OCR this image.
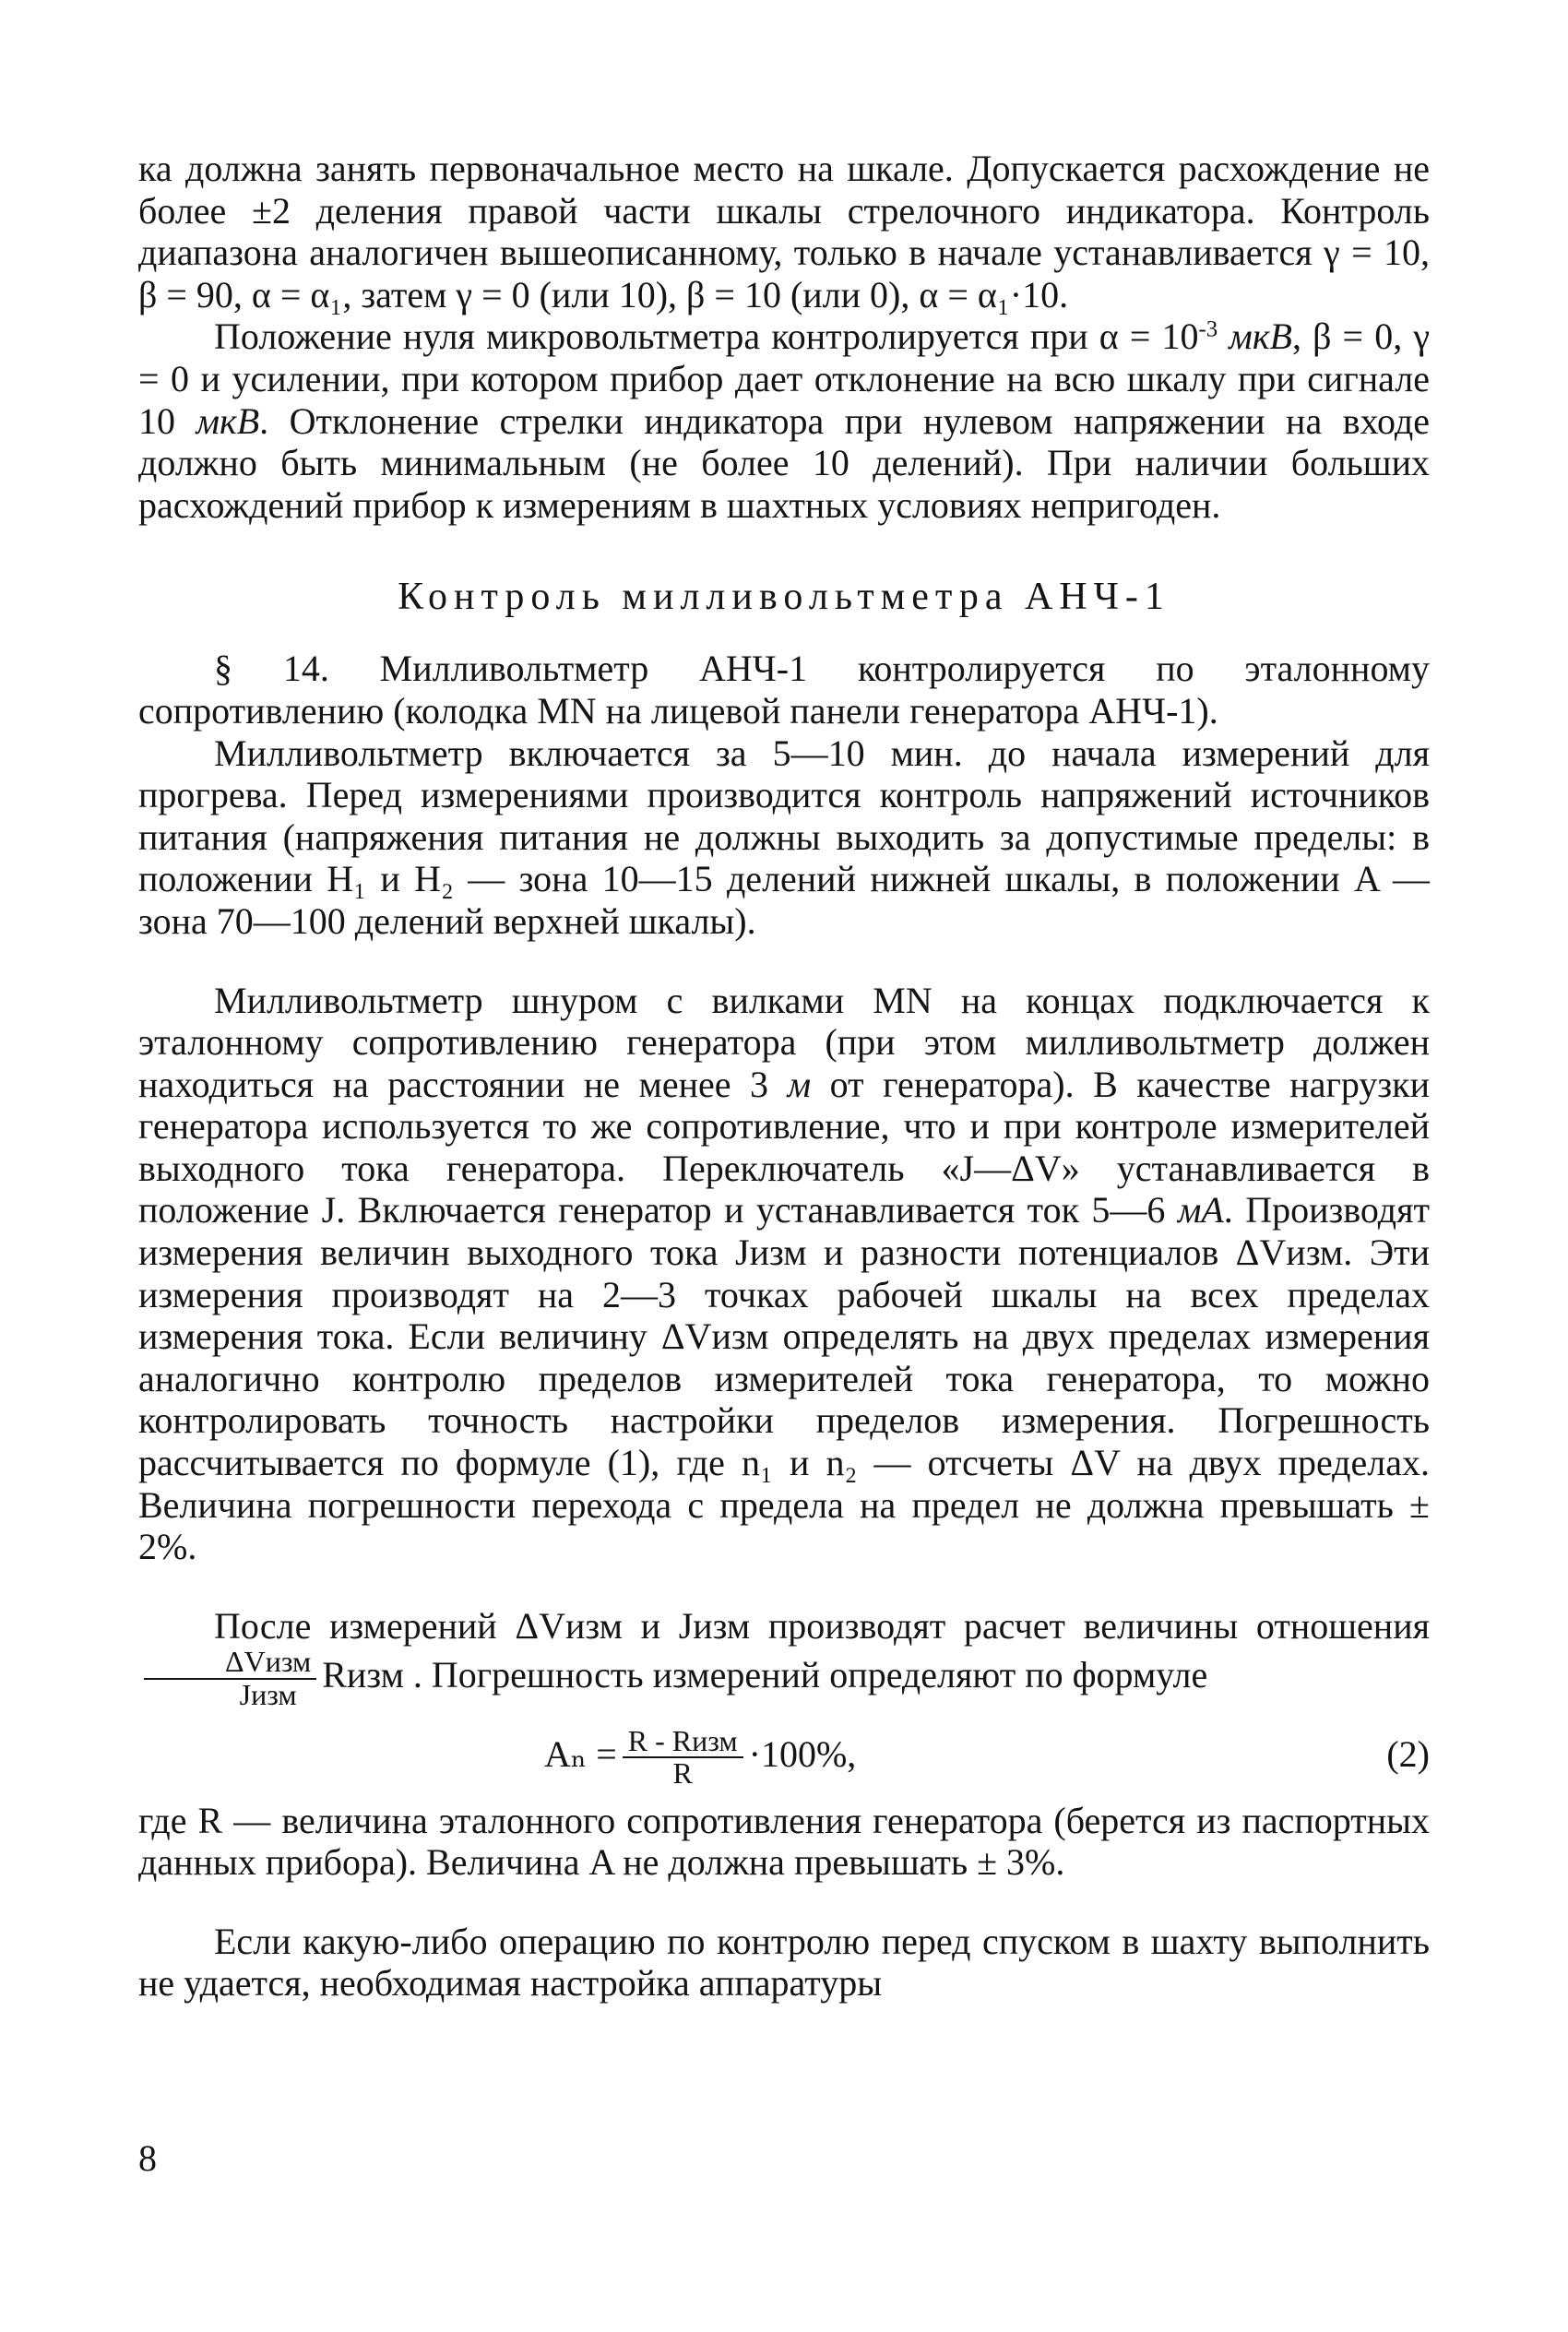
ка должна занять первоначальное место на шкале. Допускается расхождение не более ±2 деления правой части шкалы стрелочного индикатора. Контроль диапазона аналогичен вышеописанному, только в начале устанавливается γ = 10, β = 90, α = α₁, затем γ = 0 (или 10), β = 10 (или 0), α = α₁·10.

Положение нуля микровольтметра контролируется при $\alpha = 10^{-3}$ мкВ, β = 0, γ = 0 и усилении, при котором прибор дает отклонение на всю шкалу при сигнале 10 мкВ. Отклонение стрелки индикатора при нулевом напряжении на входе должно быть минимальным (не более 10 делений). При наличии больших расхождений прибор к измерениям в шахтных условиях непригоден.

Контроль милливольтметра АНЧ-1

§ 14. Милливольтметр АНЧ-1 контролируется по эталонному сопротивлению (колодка MN на лицевой панели генератора АНЧ-1).

Милливольтметр включается за 5—10 мин. до начала измерений для прогрева. Перед измерениями производится контроль напряжений источников питания (напряжения питания не должны выходить за допустимые пределы: в положении H₁ и H₂ — зона 10—15 делений нижней шкалы, в положении A — зона 70—100 делений верхней шкалы).

Милливольтметр шнуром с вилками MN на концах подключается к эталонному сопротивлению генератора (при этом милливольтметр должен находиться на расстоянии не менее 3 м от генератора). В качестве нагрузки генератора используется то же сопротивление, что и при контроле измерителей выходного тока генератора. Переключатель «J—ΔV» устанавливается в положение J. Включается генератор и устанавливается ток 5—6 мА. Производят измерения величин выходного тока Jизм и разности потенциалов ΔVизм. Эти измерения производят на 2—3 точках рабочей шкалы на всех пределах измерения тока. Если величину ΔVизм определять на двух пределах измерения аналогично контролю пределов измерителей тока генератора, то можно контролировать точность настройки пределов измерения. Погрешность рассчитывается по формуле (1), где n₁ и n₂ — отсчеты ΔV на двух пределах. Величина погрешности перехода с предела на предел не должна превышать ± 2%.

После измерений ΔVизм и Jизм производят расчет величины отношения
$\frac{\text{ΔVизм}}{\text{Jизм}}$ Rизм . Погрешность измерений определяют по формуле

$A_n = \frac{\text{R - Rизм}}{R} \cdot 100\%$,	(2)

где R — величина эталонного сопротивления генератора (берется из паспортных данных прибора). Величина A не должна превышать ± 3%.

Если какую-либо операцию по контролю перед спуском в шахту выполнить не удается, необходимая настройка аппаратуры

8
